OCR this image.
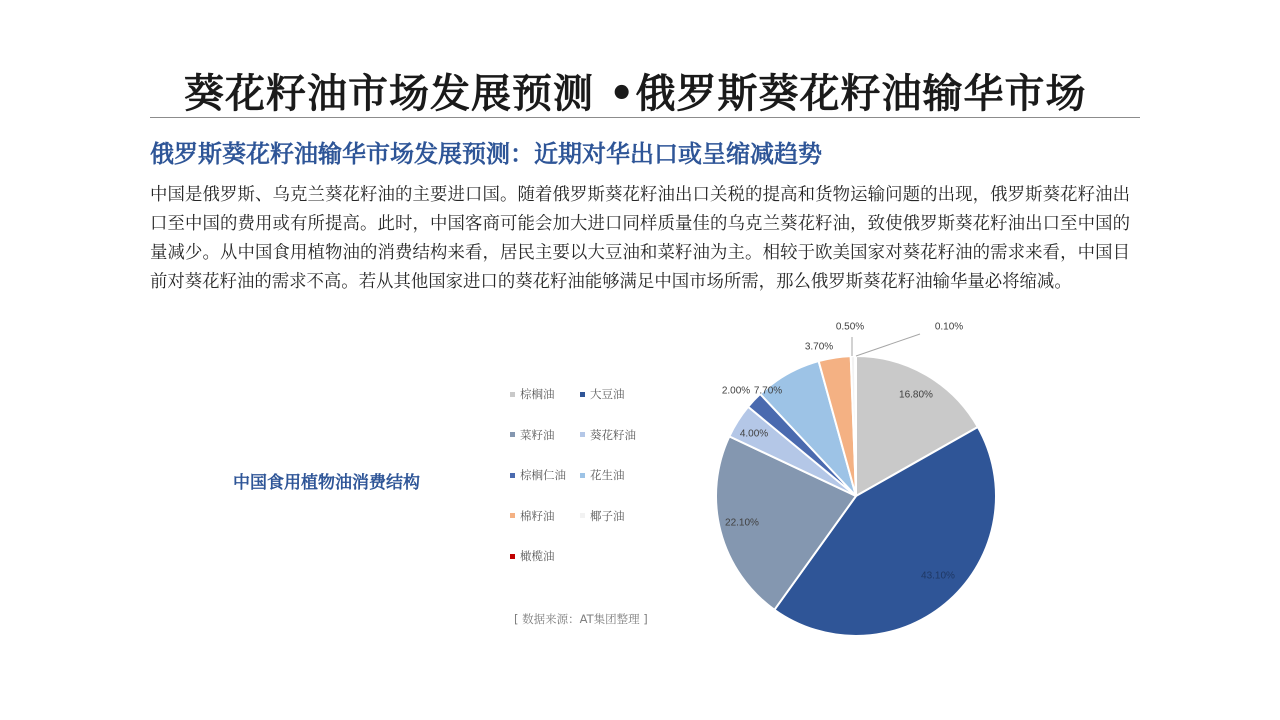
葵花籽油市场发展预测 •俄罗斯葵花籽油输华市场
俄罗斯葵花籽油输华市场发展预测：近期对华出口或呈缩减趋势
中国是俄罗斯、乌克兰葵花籽油的主要进口国。随着俄罗斯葵花籽油出口关税的提高和货物运输问题的出现，俄罗斯葵花籽油出口至中国的费用或有所提高。此时，中国客商可能会加大进口同样质量佳的乌克兰葵花籽油，致使俄罗斯葵花籽油出口至中国的量减少。从中国食用植物油的消费结构来看，居民主要以大豆油和菜籽油为主。相较于欧美国家对葵花籽油的需求来看，中国目前对葵花籽油的需求不高。若从其他国家进口的葵花籽油能够满足中国市场所需，那么俄罗斯葵花籽油输华量必将缩减。
中国食用植物油消费结构
棕榈油	大豆油
菜籽油	葵花籽油
棕榈仁油 花生油
棉籽油	椰子油
橄榄油
16.80%
43.10%
22.10%
4.00%
2.00% 7.70%
3.70%
0.50%	0.10%
[ 数据来源：AT集团整理 ]
